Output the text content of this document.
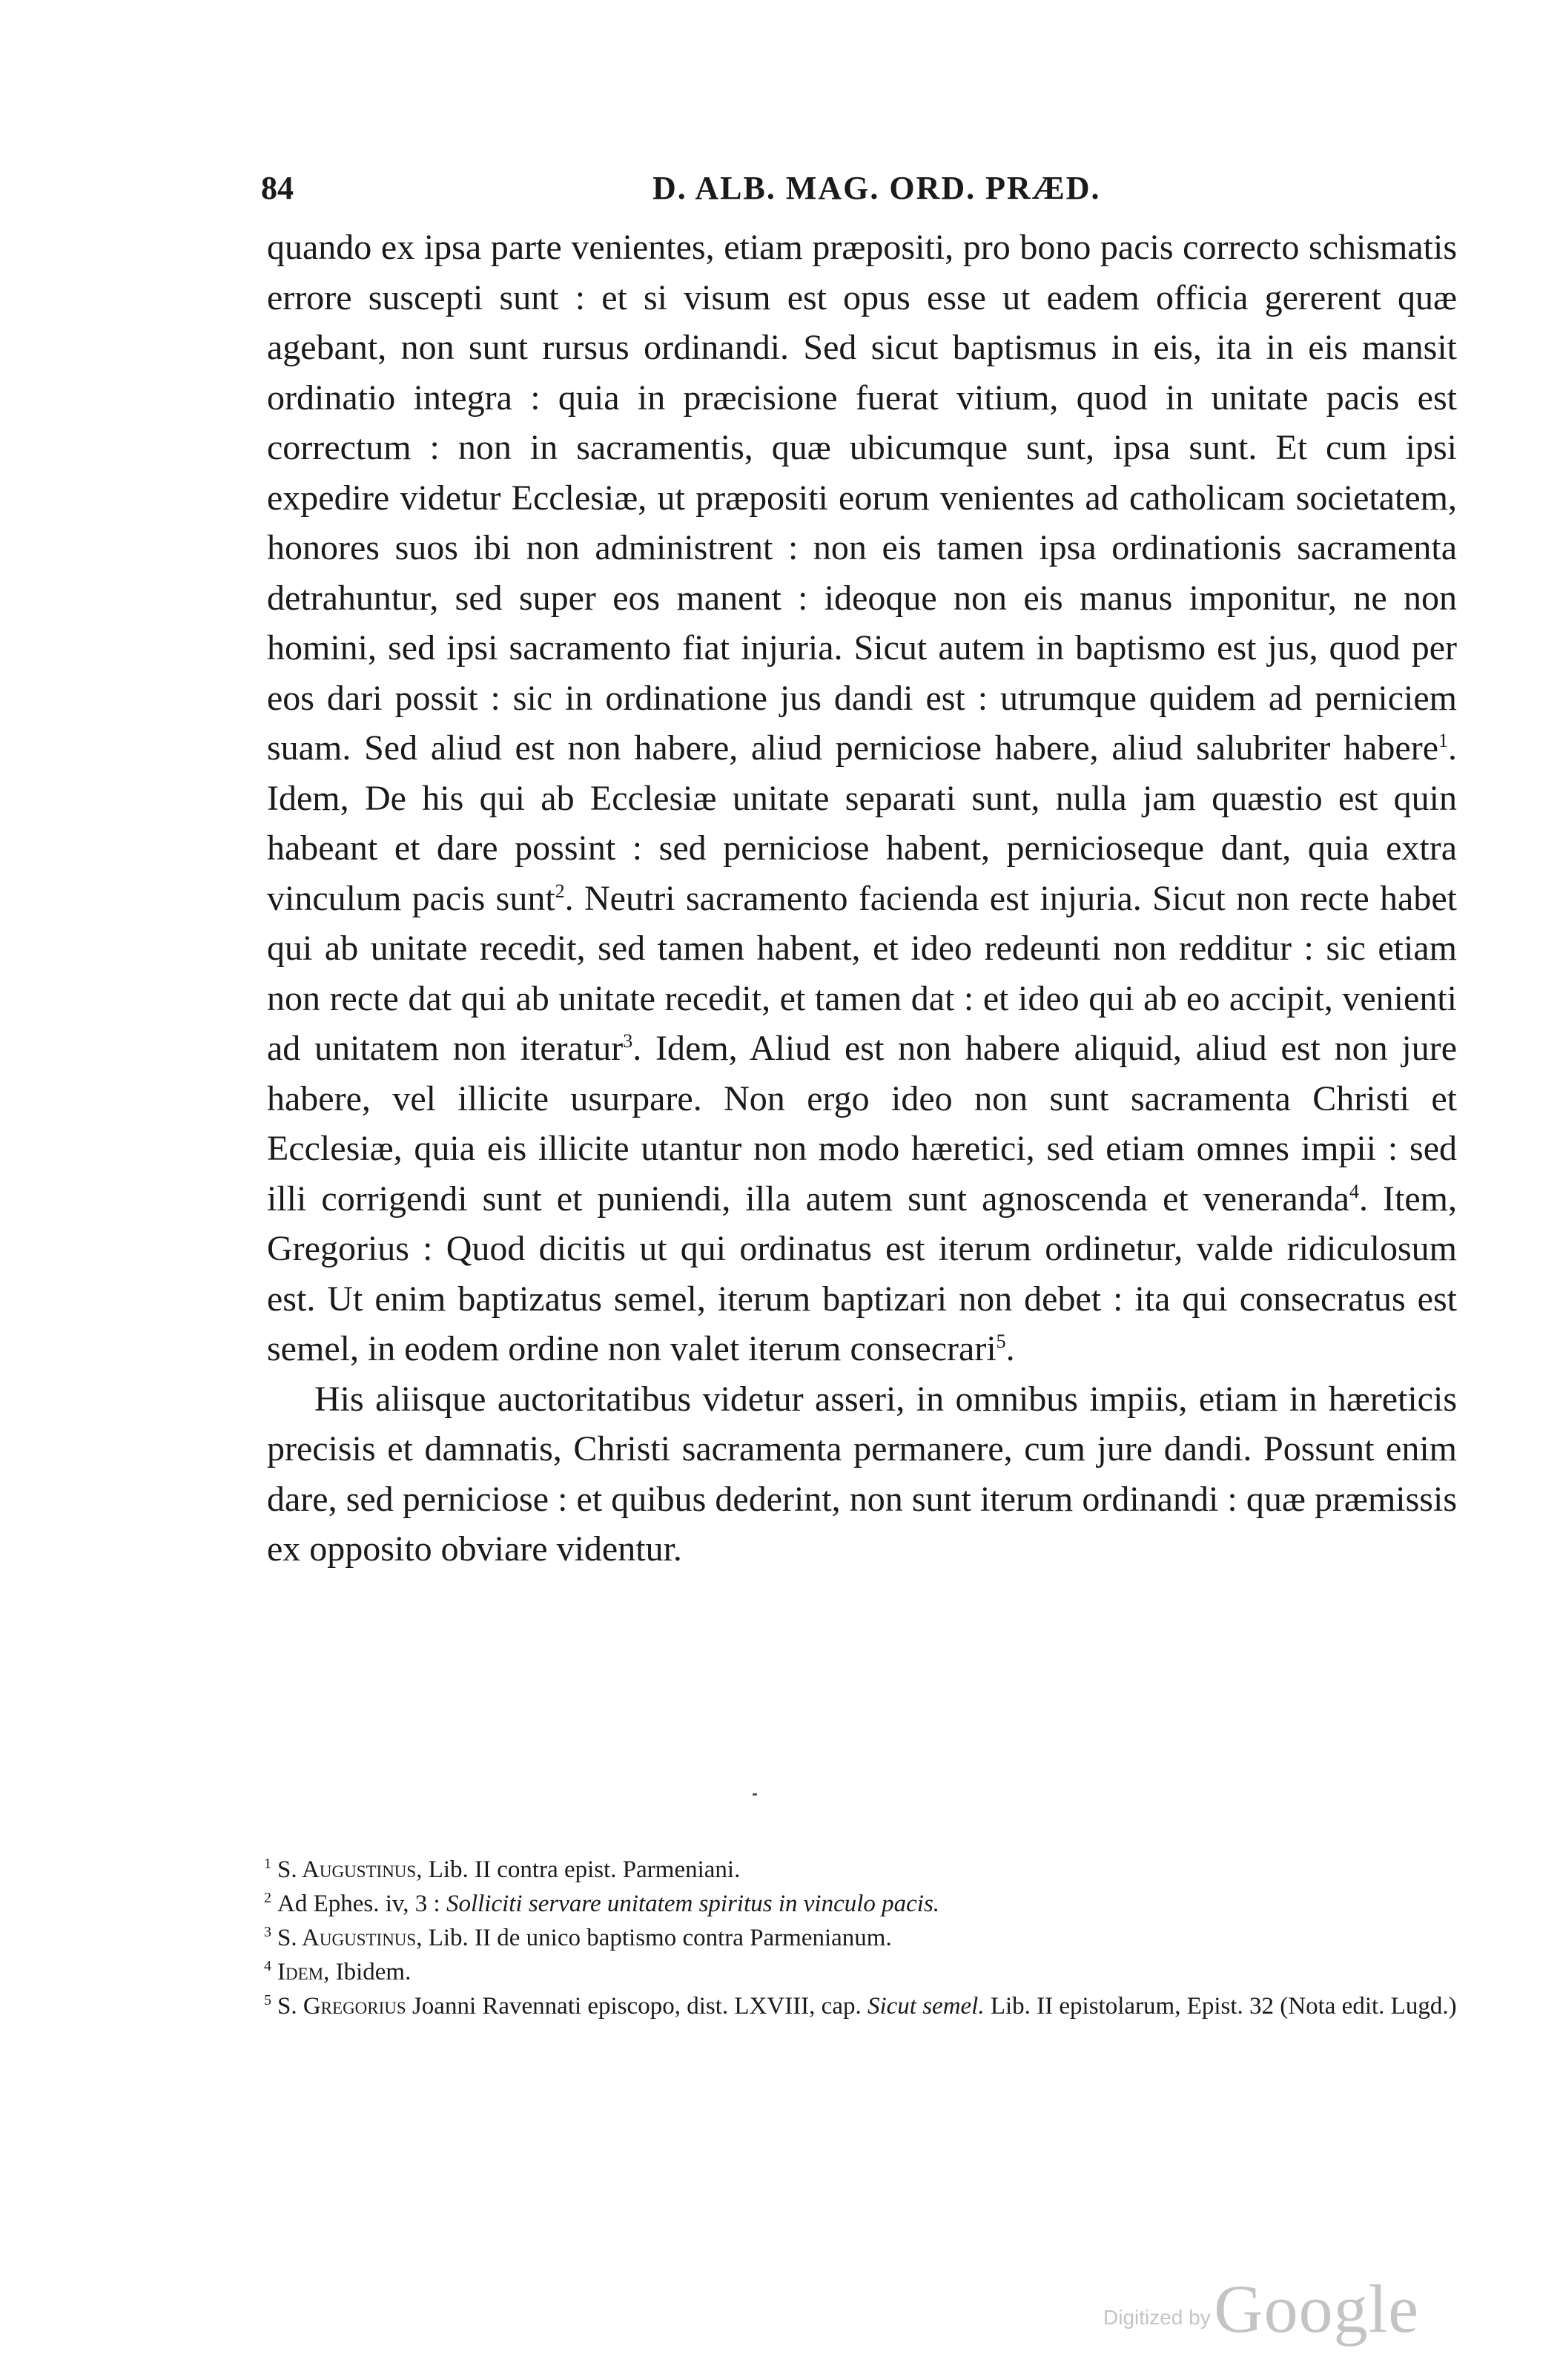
84	D. ALB. MAG. ORD. PRÆD.

quando ex ipsa parte venientes, etiam præpositi, pro bono pacis correcto schismatis errore suscepti sunt : et si visum est opus esse ut eadem officia gererent quæ agebant, non sunt rursus ordinandi. Sed sicut baptismus in eis, ita in eis mansit ordinatio integra : quia in præcisione fuerat vitium, quod in unitate pacis est correctum : non in sacramentis, quæ ubicumque sunt, ipsa sunt. Et cum ipsi expedire videtur Ecclesiæ, ut præpositi eorum venientes ad catholicam societatem, honores suos ibi non administrent : non eis tamen ipsa ordinationis sacramenta detrahuntur, sed super eos manent : ideoque non eis manus imponitur, ne non homini, sed ipsi sacramento fiat injuria. Sicut autem in baptismo est jus, quod per eos dari possit : sic in ordinatione jus dandi est : utrumque quidem ad perniciem suam. Sed aliud est non habere, aliud perniciose habere, aliud salubriter habere$^1$. Idem, De his qui ab Ecclesiæ unitate separati sunt, nulla jam quæstio est quin habeant et dare possint : sed perniciose habent, pernicioseque dant, quia extra vinculum pacis sunt$^2$. Neutri sacramento facienda est injuria. Sicut non recte habet qui ab unitate recedit, sed tamen habent, et ideo redeunti non redditur : sic etiam non recte dat qui ab unitate recedit, et tamen dat : et ideo qui ab eo accipit, venienti ad unitatem non iteratur$^3$. Idem, Aliud est non habere aliquid, aliud est non jure habere, vel illicite usurpare. Non ergo ideo non sunt sacramenta Christi et Ecclesiæ, quia eis illicite utantur non modo hæretici, sed etiam omnes impii : sed illi corrigendi sunt et puniendi, illa autem sunt agnoscenda et veneranda$^4$. Item, Gregorius : Quod dicitis ut qui ordinatus est iterum ordinetur, valde ridiculosum est. Ut enim baptizatus semel, iterum baptizari non debet : ita qui consecratus est semel, in eodem ordine non valet iterum consecrari$^5$.

His aliisque auctoritatibus videtur asseri, in omnibus impiis, etiam in hæreticis precisis et damnatis, Christi sacramenta permanere, cum jure dandi. Possunt enim dare, sed perniciose : et quibus dederint, non sunt iterum ordinandi : quæ præmissis ex opposito obviare videntur.

$^1$ S. Augustinus, Lib. II contra epist. Parmeniani.

$^2$ Ad Ephes. iv, 3 : Solliciti servare unitatem spiritus in vinculo pacis.

$^3$ S. Augustinus, Lib. II de unico baptismo contra Parmenianum.

$^4$ Idem, Ibidem.

$^5$ S. Gregorius Joanni Ravennati episcopo, dist. LXVIII, cap. Sicut semel. Lib. II epistolarum, Epist. 32 (Nota edit. Lugd.)

Digitized by Google
